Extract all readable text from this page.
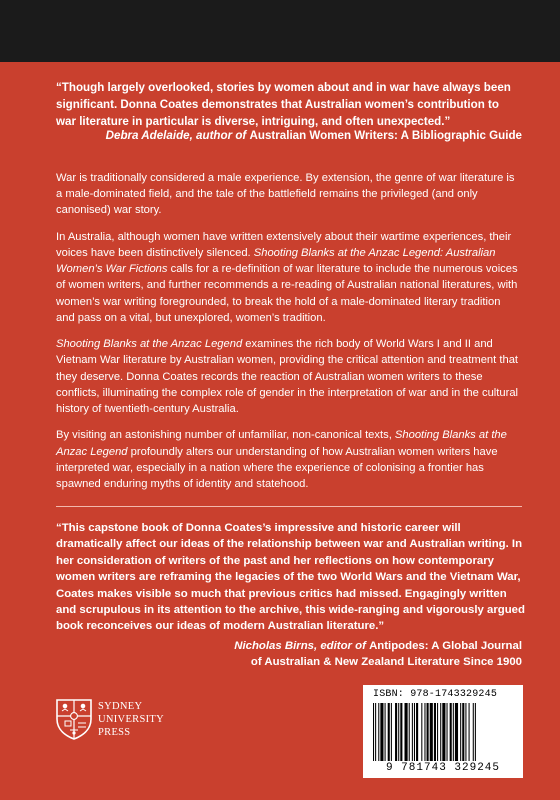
“Though largely overlooked, stories by women about and in war have always been significant. Donna Coates demonstrates that Australian women’s contribution to war literature in particular is diverse, intriguing, and often unexpected.”

Debra Adelaide, author of Australian Women Writers: A Bibliographic Guide

War is traditionally considered a male experience. By extension, the genre of war literature is a male-dominated field, and the tale of the battlefield remains the privileged (and only canonised) war story.

In Australia, although women have written extensively about their wartime experiences, their voices have been distinctively silenced. Shooting Blanks at the Anzac Legend: Australian Women’s War Fictions calls for a re-definition of war literature to include the numerous voices of women writers, and further recommends a re-reading of Australian national literatures, with women’s war writing foregrounded, to break the hold of a male-dominated literary tradition and pass on a vital, but unexplored, women’s tradition.

Shooting Blanks at the Anzac Legend examines the rich body of World Wars I and II and Vietnam War literature by Australian women, providing the critical attention and treatment that they deserve. Donna Coates records the reaction of Australian women writers to these conflicts, illuminating the complex role of gender in the interpretation of war and in the cultural history of twentieth-century Australia.

By visiting an astonishing number of unfamiliar, non-canonical texts, Shooting Blanks at the Anzac Legend profoundly alters our understanding of how Australian women writers have interpreted war, especially in a nation where the experience of colonising a frontier has spawned enduring myths of identity and statehood.

“This capstone book of Donna Coates’s impressive and historic career will dramatically affect our ideas of the relationship between war and Australian writing. In her consideration of writers of the past and her reflections on how contemporary women writers are reframing the legacies of the two World Wars and the Vietnam War, Coates makes visible so much that previous critics had missed. Engagingly written and scrupulous in its attention to the archive, this wide-ranging and vigorously argued book reconceives our ideas of modern Australian literature.”

Nicholas Birns, editor of Antipodes: A Global Journal
of Australian & New Zealand Literature Since 1900
SYDNEY
UNIVERSITY
PRESS
ISBN: 978-1743329245
9 781743 329245
